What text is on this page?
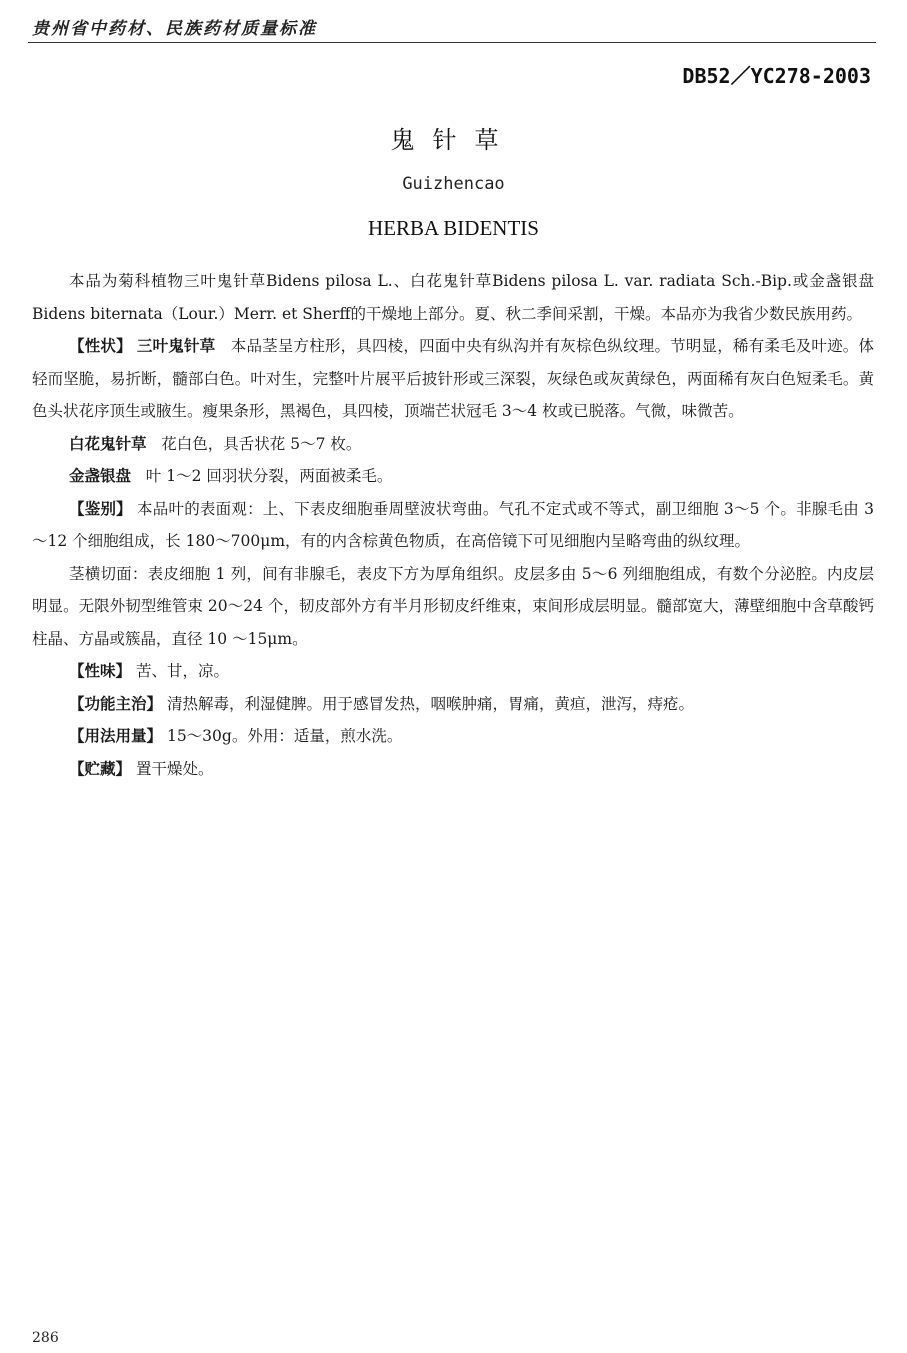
贵州省中药材、民族药材质量标准
DB52／YC278-2003
鬼针草
Guizhencao
HERBA BIDENTIS

本品为菊科植物三叶鬼针草Bidens pilosa L.、白花鬼针草Bidens pilosa L. var. radiata Sch.-Bip.或金盏银盘Bidens biternata（Lour.）Merr. et Sherff的干燥地上部分。夏、秋二季间采割，干燥。本品亦为我省少数民族用药。

【性状】 三叶鬼针草 本品茎呈方柱形，具四棱，四面中央有纵沟并有灰棕色纵纹理。节明显，稀有柔毛及叶迹。体轻而坚脆，易折断，髓部白色。叶对生，完整叶片展平后披针形或三深裂，灰绿色或灰黄绿色，两面稀有灰白色短柔毛。黄色头状花序顶生或腋生。瘦果条形，黑褐色，具四棱，顶端芒状冠毛 3～4 枚或已脱落。气微，味微苦。

白花鬼针草 花白色，具舌状花 5～7 枚。

金盏银盘 叶 1～2 回羽状分裂，两面被柔毛。

【鉴别】 本品叶的表面观：上、下表皮细胞垂周壁波状弯曲。气孔不定式或不等式，副卫细胞 3～5 个。非腺毛由 3～12 个细胞组成，长 180～700μm，有的内含棕黄色物质，在高倍镜下可见细胞内呈略弯曲的纵纹理。

茎横切面：表皮细胞 1 列，间有非腺毛，表皮下方为厚角组织。皮层多由 5～6 列细胞组成，有数个分泌腔。内皮层明显。无限外韧型维管束 20～24 个，韧皮部外方有半月形韧皮纤维束，束间形成层明显。髓部宽大，薄壁细胞中含草酸钙柱晶、方晶或簇晶，直径 10 ～15μm。

【性味】 苦、甘，凉。

【功能主治】 清热解毒，利湿健脾。用于感冒发热，咽喉肿痛，胃痛，黄疸，泄泻，痔疮。

【用法用量】 15～30g。外用：适量，煎水洗。

【贮藏】 置干燥处。

286
